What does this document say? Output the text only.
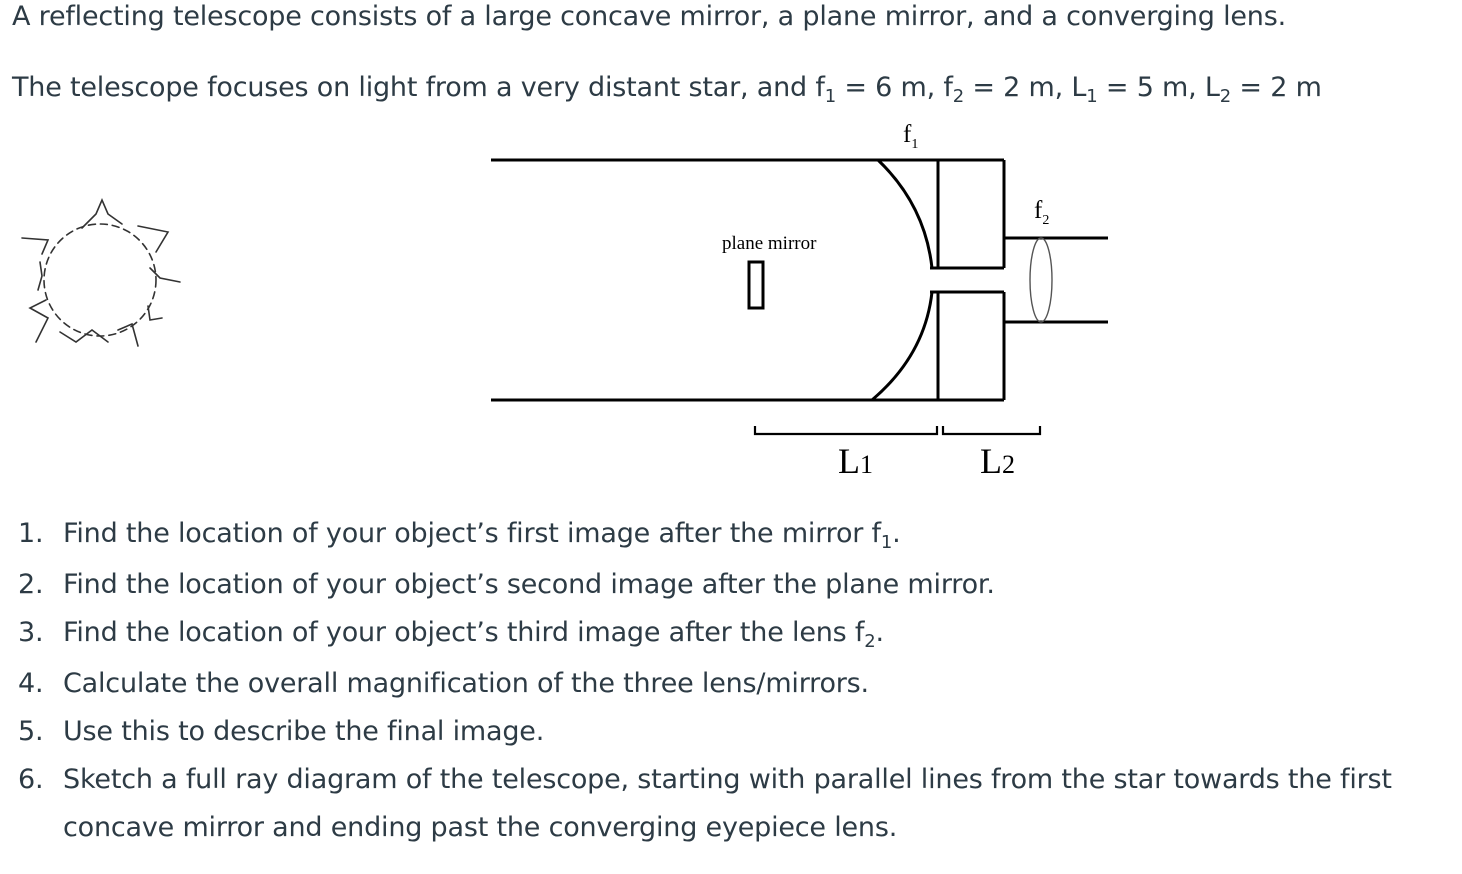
A reflecting telescope consists of a large concave mirror, a plane mirror, and a converging lens.
The telescope focuses on light from a very distant star, and $f_1 = 6$ m, $f_2 = 2$ m, $L_1 = 5$ m, $L_2 = 2$ m
plane mirror
$f_1$
$f_2$
L1	L2
1. Find the location of your object’s first image after the mirror $f_1$.
2. Find the location of your object’s second image after the plane mirror.
3. Find the location of your object’s third image after the lens $f_2$.
4. Calculate the overall magnification of the three lens/mirrors.
5. Use this to describe the final image.
6. Sketch a full ray diagram of the telescope, starting with parallel lines from the star towards the first concave mirror and ending past the converging eyepiece lens.
